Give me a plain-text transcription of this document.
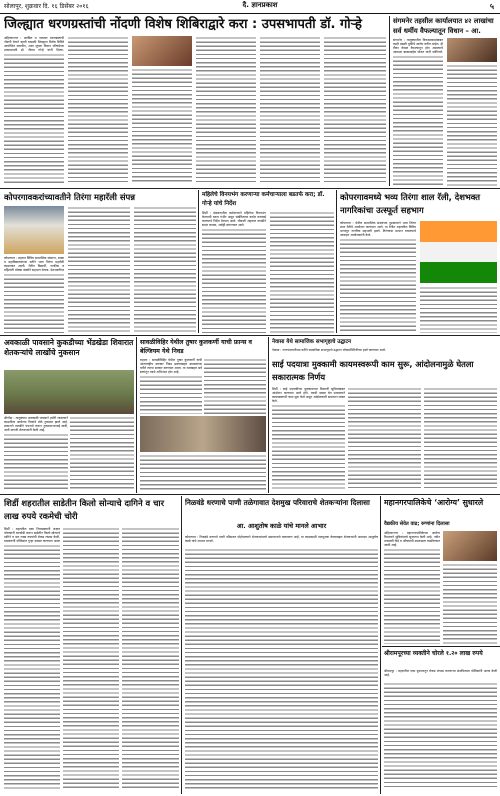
सोलापूर, शुक्रवार दि. १६ डिसेंबर २०१६	दै. ज्ञानप्रकाश	५
जिल्ह्यात धरणग्रस्तांची नोंदणी विशेष शिबिराद्वारे करा : उपसभापती डॉ. गोऱ्हे
अहिल्यानगर : प्रलंबित व नवजात धरणग्रस्तांची नोंदणी वेगाने व्हावी यासाठी जिल्ह्यात विशेष शिबिरे आयोजित करावीत, अशा सूचना विधान परिषदेच्या उपसभापती डॉ. नीलम गोऱ्हे यांनी दिल्या.
संगमनेर तहसील कार्यालयात ४२ लाखांचा सर्व धर्मीय वैफल्यातून विधान – आ.
संगमनेर : तालुक्यातील विकासकामांबाबत काही मंडळी चुकीचे आरोप करीत आहेत. ही टीका केवळ वैफल्यातून होत असल्याचे आमदार बाळासाहेब थोरात यांनी सांगितले.
कोपरगावकरांच्यावतीने तिरंगा महारॅली संपन्न
कोपरगाव : शहरात विविध सामाजिक संघटना, शाळा व महाविद्यालयांच्या वतीने भव्य तिरंगा महारॅली काढण्यात आली. रॅलीत विद्यार्थी, नागरिक व महिलांनी मोठ्या संख्येने सहभाग घेतला. देशभक्तीपर
महिलेचे विनयभंग करणाऱ्या कर्मचाऱ्याला बडतर्फ करा; डॉ. गोऱ्हे यांचे निर्देश
शिर्डी : संस्थानातील कर्मचाऱ्याने महिलेचा विनयभंग केल्याची घटना गंभीर असून संबंधितावर कठोर कारवाई करण्याचे निर्देश देण्यात आले. चौकशी अहवाल तातडीने सादर करावा, असेही सांगण्यात आले.
कोपरगावमध्ये भव्य तिरंगा शाल रॅली, देशभक्त नागरिकांचा उत्स्फूर्त सहभाग
कोपरगाव : येथील सामाजिक संस्थांच्या पुढाकाराने भव्य तिरंगा शाल रॅलीचे आयोजन करण्यात आले. या रॅलीत शहरातील विविध भागांतून नागरिक सहभागी झाले. तिरंग्याचा सन्मान राखण्याचे आवाहन आयोजकांनी केले.
अवकाळी पावसाने कुकडीच्या भेंडखेडा शिवारात शेतकऱ्यांचे लाखोंचे नुकसान
श्रीगोंदा : तालुक्यात अवकाळी पावसाने हजेरी लावल्याने काढणीला आलेल्या पिकांचे मोठे नुकसान झाले आहे. शासनाने तातडीने पंचनामे करून नुकसानभरपाई द्यावी, अशी मागणी शेतकऱ्यांनी केली आहे.
सावळीविहिर येथील तुषार कुलकर्णी याची फ्रान्स व बेल्जियम येथे निवड
राहाता : सावळीविहिर येथील तुषार कुलकर्णी याची आंतरराष्ट्रीय स्तरावर निवड झाल्याबद्दल ग्रामस्थांच्या वतीने त्याचा सत्कार करण्यात आला. या यशाबद्दल सर्व स्तरांतून त्याचे अभिनंदन होत आहे.
नेवासा येथे सामाजिक सभागृहाचे उद्घाटन
नेवासा : नगरपंचायतीच्या वतीने सामाजिक सभागृहाचे उद्घाटन लोकप्रतिनिधींच्या हस्ते करण्यात आले.
साई पदयात्रा मुक्कामी कायमस्वरूपी काम सुरू, आंदोलनामुळे घेतला सकारात्मक निर्णय
शिर्डी : साई पदयात्रींच्या मुक्कामाच्या ठिकाणी सुविधांबाबत आंदोलन करण्यात आले होते. त्याची दखल घेत प्रशासनाने कायमस्वरूपी काम सुरू केले असून आंदोलकांनी समाधान व्यक्त केले.
शिर्डी शहरातील साडेतीन किलो सोन्याचे दागिने व चार लाख रुपये रकमेची चोरी
शिर्डी : शहरातील एका निवासस्थानी अज्ञात चोरट्यांनी घरफोडी करून साडेतीन किलो सोन्याचे दागिने व चार लाख रुपयांची रोकड लंपास केली. याप्रकरणी पोलिसांत गुन्हा दाखल करण्यात आला
निळवंडे धरणाचे पाणी तळेगावात देशमुख परिवाराचे शेतकऱ्यांना दिलासा
आ. आशुतोष काळे यांचे मानले आभार
कोपरगाव : निळवंडे धरणाचे पाणी परिसरात पोहोचल्याने शेतकऱ्यांमध्ये समाधानाचे वातावरण आहे. या कामासाठी पाठपुरावा केल्याबद्दल शेतकऱ्यांनी आमदार आशुतोष काळे यांचे आभार मानले.
महानगरपालिकेचे ‘आरोग्य’ सुधारले
वैद्यकीय सेवेत वाढ; रुग्णांना दिलासा
अहिल्यानगर : महानगरपालिकेच्या आरोग्य विभागाने सुविधांमध्ये सुधारणा केली आहे. नवीन तपासणी केंद्रे व औषधांची उपलब्धता वाढविण्यात आली आहे.
श्रीरामपूरच्या व्यक्तीने चोरले १.२० लाख रुपये
श्रीरामपूर : शहरातील एका दुकानातून रोकड लंपास करणाऱ्या संशयिताला पोलिसांनी अटक केली आहे.
